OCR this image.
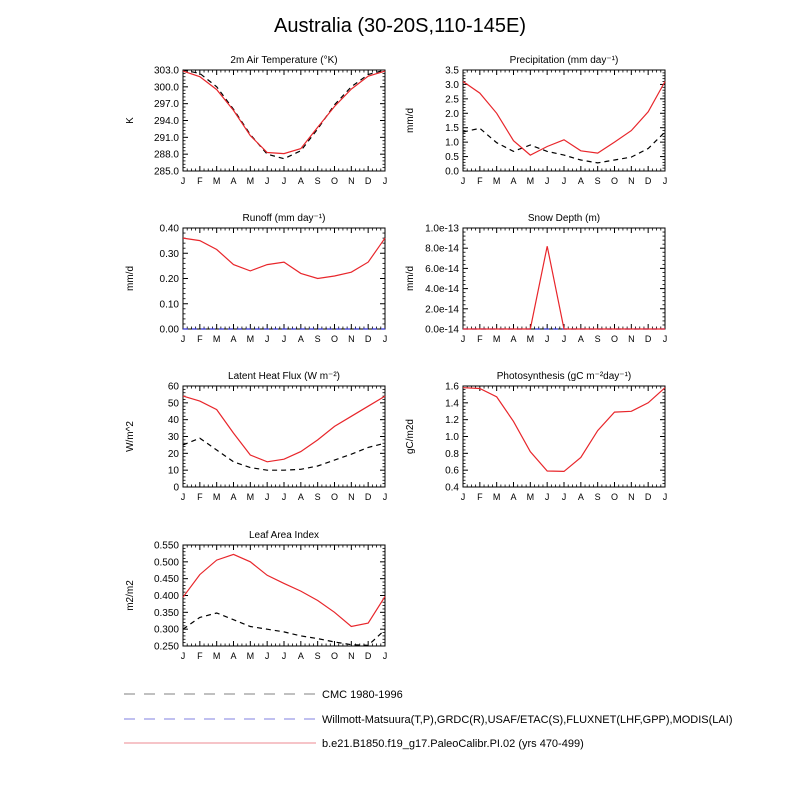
Australia (30-20S,110-145E)
2m Air Temperature (°K)
J F M A M J J A S O N D J
285.0
288.0
291.0
294.0
297.0
300.0
303.0
K
Precipitation (mm day⁻¹)
J F M A M J J A S O N D J
0.0
0.5
1.0
1.5
2.0
2.5
3.0
3.5
mm/d
Runoff (mm day⁻¹)
J F M A M J J A S O N D J
0.00
0.10
0.20
0.30
0.40
mm/d
Snow Depth (m)
J F M A M J J A S O N D J
0.0e-14
2.0e-14
4.0e-14
6.0e-14
8.0e-14
1.0e-13
mm/d
Latent Heat Flux (W m⁻²)
J F M A M J J A S O N D J
0
10
20
30
40
50
60
W/m^2
Photosynthesis (gC m⁻²day⁻¹)
J F M A M J J A S O N D J
0.4
0.6
0.8
1.0
1.2
1.4
1.6
gC/m2d
Leaf Area Index
J F M A M J J A S O N D J
0.250
0.300
0.350
0.400
0.450
0.500
0.550
m2/m2
CMC 1980-1996
Willmott-Matsuura(T,P),GRDC(R),USAF/ETAC(S),FLUXNET(LHF,GPP),MODIS(LAI)
b.e21.B1850.f19_g17.PaleoCalibr.PI.02 (yrs 470-499)
